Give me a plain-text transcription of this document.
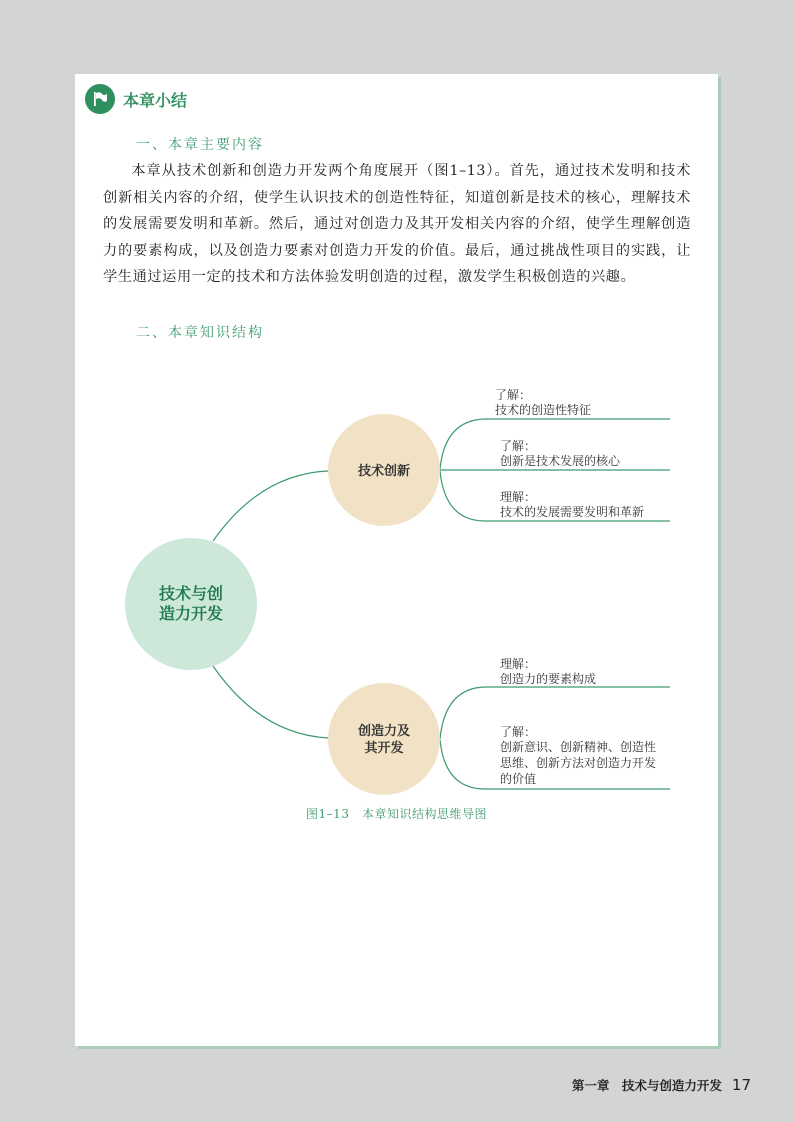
本章小结
一、本章主要内容

本章从技术创新和创造力开发两个角度展开（图1–13）。首先，通过技术发明和技术创新相关内容的介绍，使学生认识技术的创造性特征，知道创新是技术的核心，理解技术的发展需要发明和革新。然后，通过对创造力及其开发相关内容的介绍，使学生理解创造力的要素构成，以及创造力要素对创造力开发的价值。最后，通过挑战性项目的实践，让学生通过运用一定的技术和方法体验发明创造的过程，激发学生积极创造的兴趣。

二、本章知识结构
技术与创
造力开发
技术创新
创造力及
其开发
了解：
技术的创造性特征
了解：
创新是技术发展的核心
理解：
技术的发展需要发明和革新
理解：
创造力的要素构成
了解：
创新意识、创新精神、创造性
思维、创新方法对创造力开发
的价值
图1–13　本章知识结构思维导图
第一章　技术与创造力开发 17
